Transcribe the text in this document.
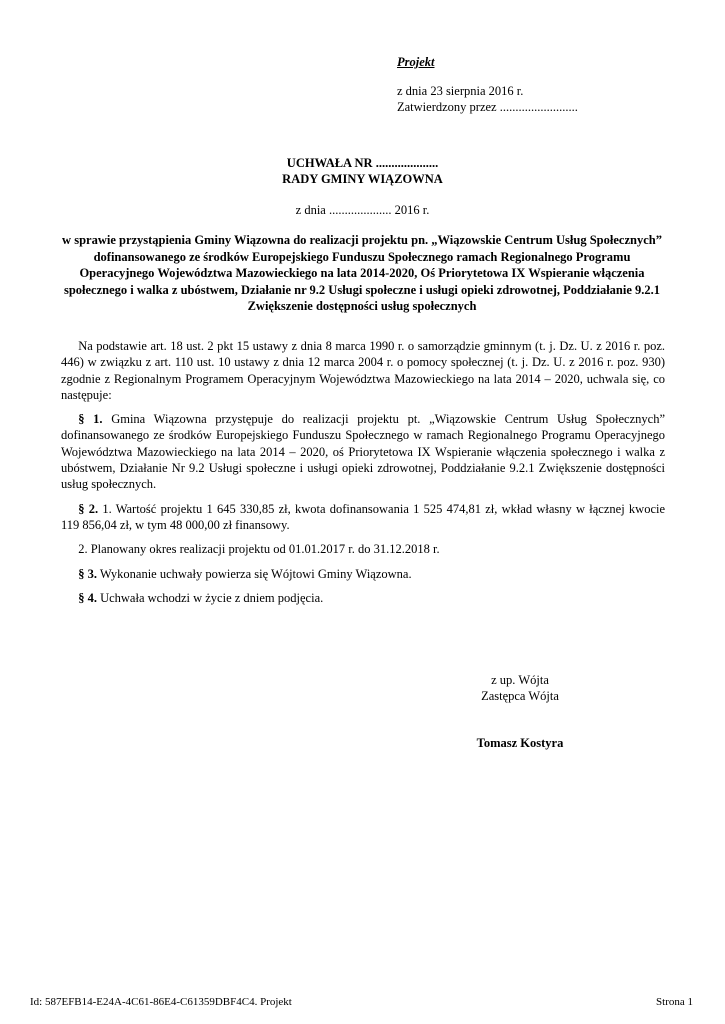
Projekt
z dnia 23 sierpnia 2016 r.
Zatwierdzony przez .........................
UCHWAŁA NR ....................
RADY GMINY WIĄZOWNA
z dnia .................... 2016 r.
w sprawie przystąpienia Gminy Wiązowna do realizacji projektu pn. „Wiązowskie Centrum Usług Społecznych” dofinansowanego ze środków Europejskiego Funduszu Społecznego ramach Regionalnego Programu Operacyjnego Województwa Mazowieckiego na lata 2014-2020, Oś Priorytetowa IX Wspieranie włączenia społecznego i walka z ubóstwem, Działanie nr 9.2 Usługi społeczne i usługi opieki zdrowotnej, Poddziałanie 9.2.1 Zwiększenie dostępności usług społecznych

Na podstawie art. 18 ust. 2 pkt 15 ustawy z dnia 8 marca 1990 r. o samorządzie gminnym (t. j. Dz. U. z 2016 r. poz. 446) w związku z art. 110 ust. 10 ustawy z dnia 12 marca 2004 r. o pomocy społecznej (t. j. Dz. U. z 2016 r. poz. 930) zgodnie z Regionalnym Programem Operacyjnym Województwa Mazowieckiego na lata 2014 – 2020, uchwala się, co następuje:

§ 1. Gmina Wiązowna przystępuje do realizacji projektu pt. „Wiązowskie Centrum Usług Społecznych” dofinansowanego ze środków Europejskiego Funduszu Społecznego w ramach Regionalnego Programu Operacyjnego Województwa Mazowieckiego na lata 2014 – 2020, oś Priorytetowa IX Wspieranie włączenia społecznego i walka z ubóstwem, Działanie Nr 9.2 Usługi społeczne i usługi opieki zdrowotnej, Poddziałanie 9.2.1 Zwiększenie dostępności usług społecznych.

§ 2. 1. Wartość projektu 1 645 330,85 zł, kwota dofinansowania 1 525 474,81 zł, wkład własny w łącznej kwocie 119 856,04 zł, w tym 48 000,00 zł finansowy.

2. Planowany okres realizacji projektu od 01.01.2017 r. do 31.12.2018 r.

§ 3. Wykonanie uchwały powierza się Wójtowi Gminy Wiązowna.

§ 4. Uchwała wchodzi w życie z dniem podjęcia.

z up. Wójta
Zastępca Wójta
Tomasz Kostyra
Id: 587EFB14-E24A-4C61-86E4-C61359DBF4C4. Projekt	Strona 1
